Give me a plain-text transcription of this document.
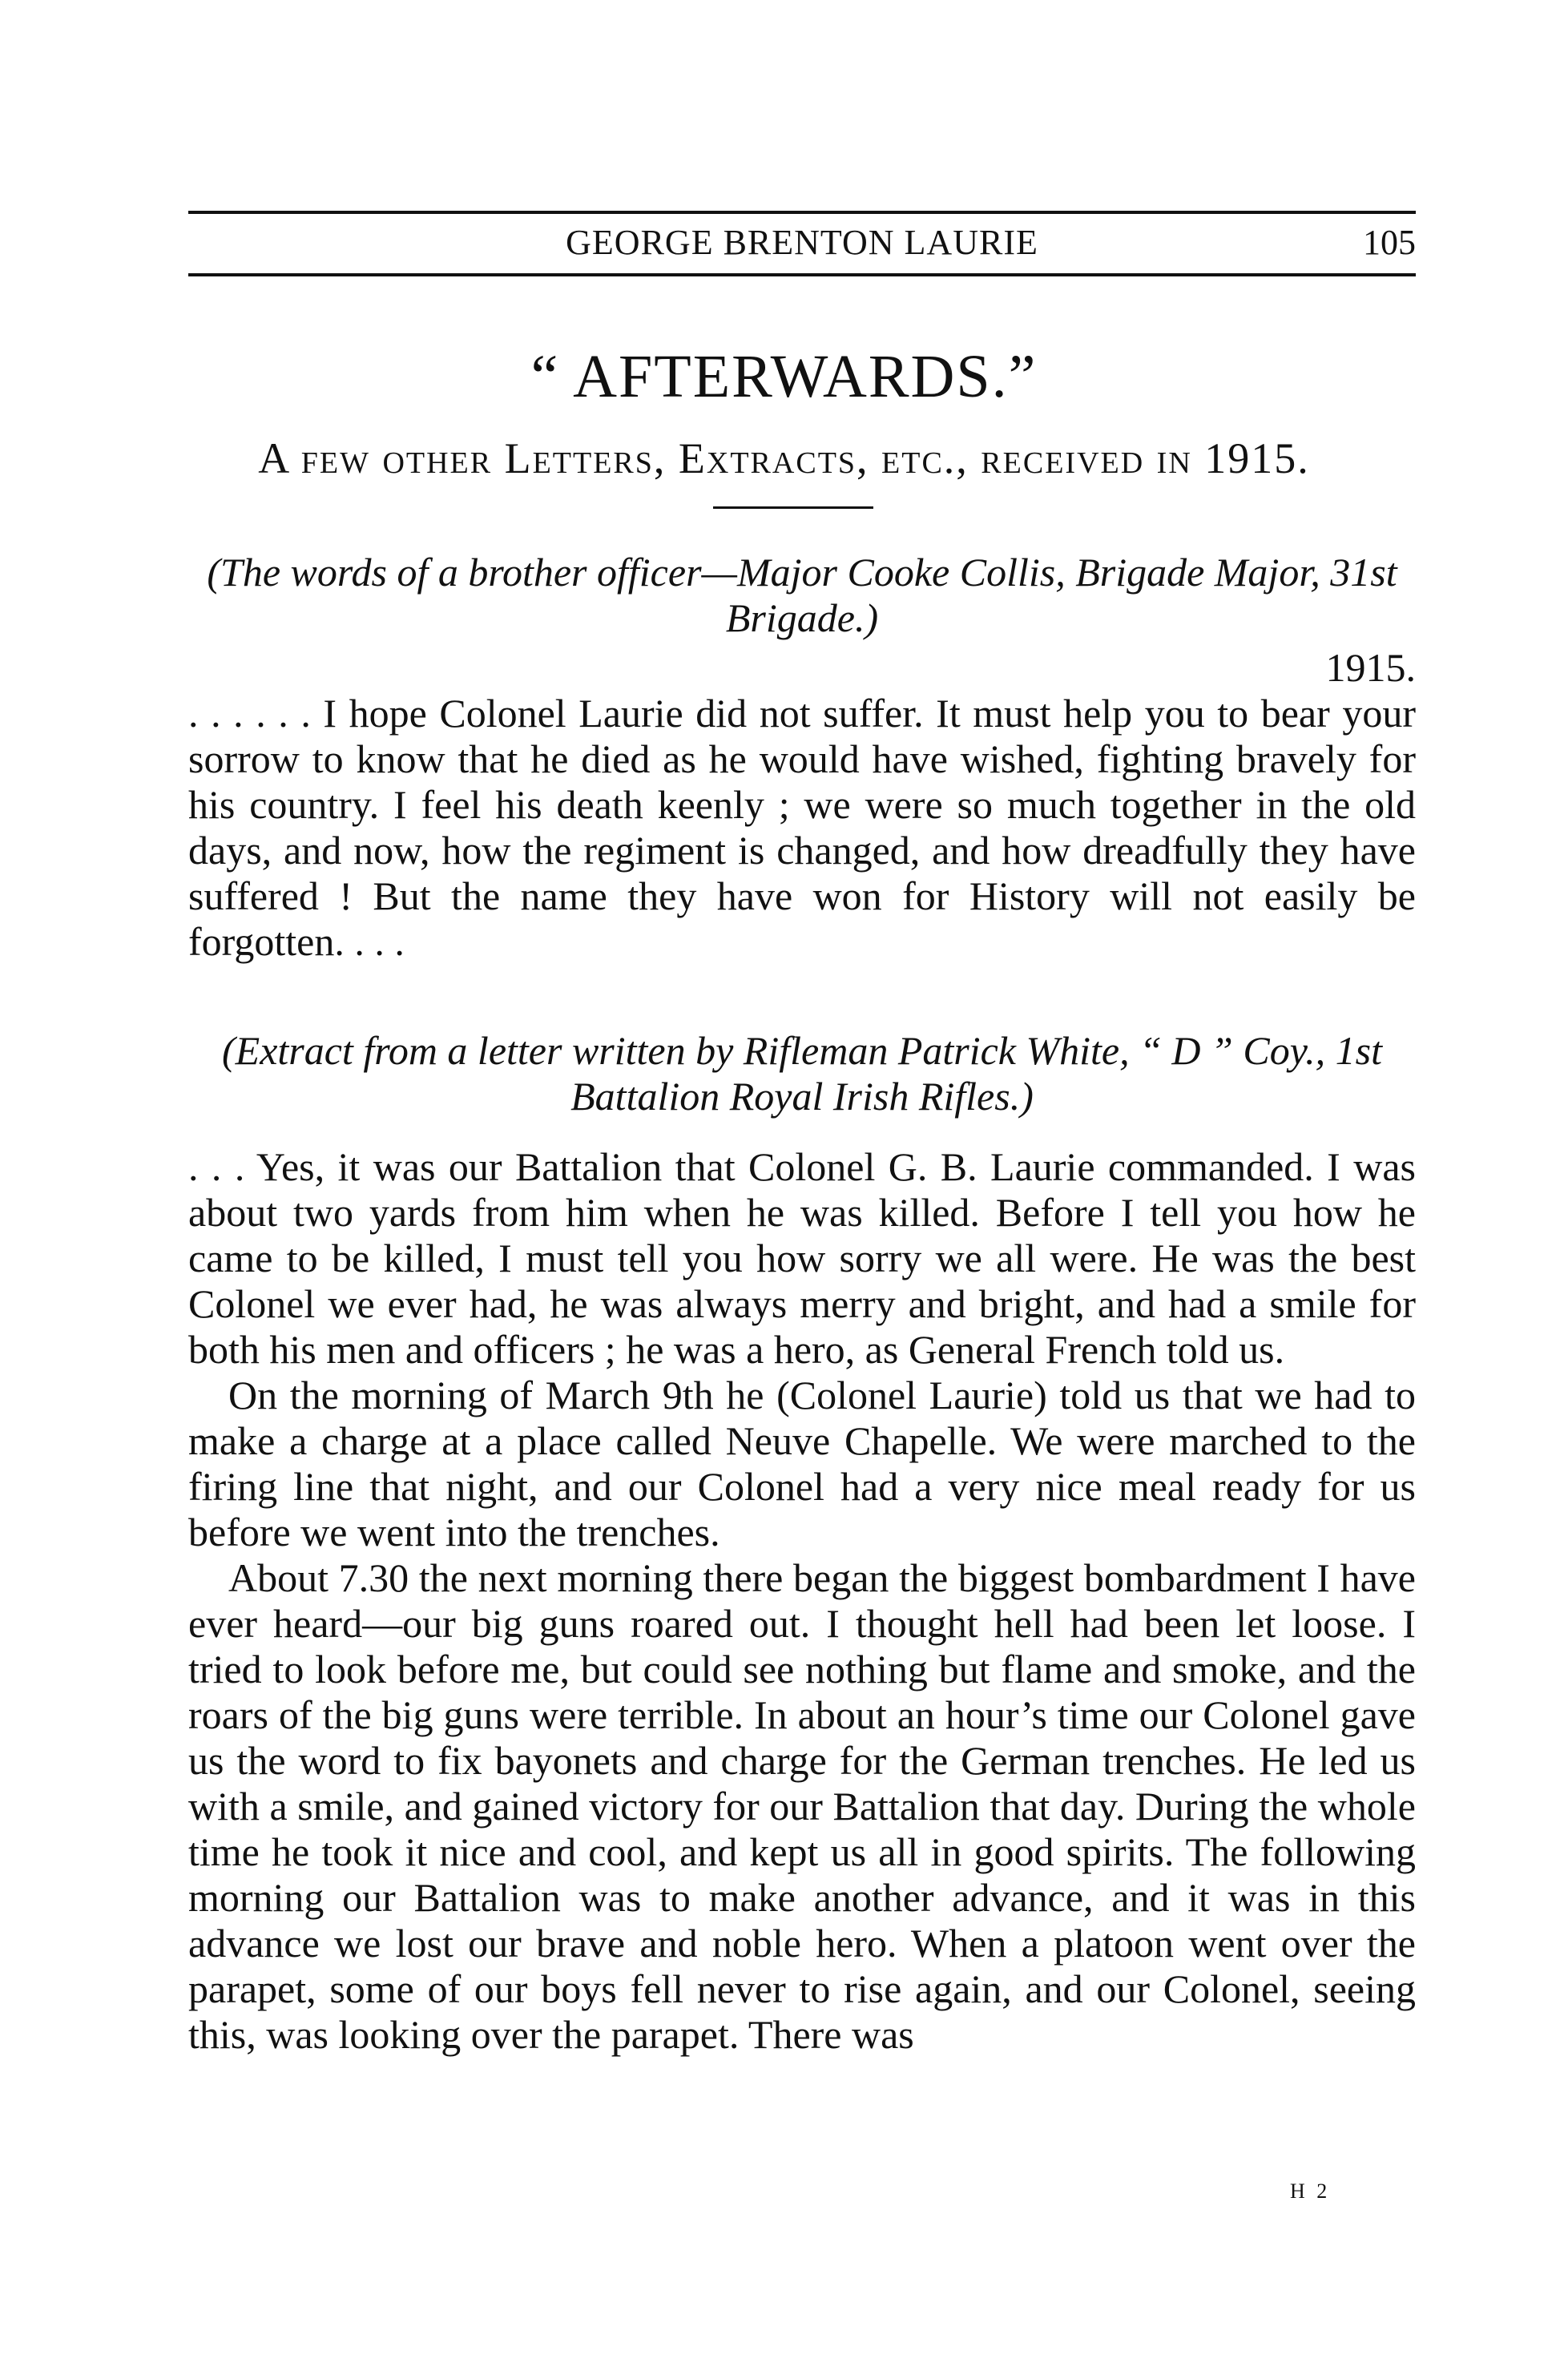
GEORGE BRENTON LAURIE	105
“ AFTERWARDS.”
A few other Letters, Extracts, etc., received in 1915.
(The words of a brother officer—Major Cooke Collis, Brigade Major, 31st Brigade.)
1915.
. . . . . . I hope Colonel Laurie did not suffer. It must help you to bear your sorrow to know that he died as he would have wished, fighting bravely for his country. I feel his death keenly ; we were so much together in the old days, and now, how the regiment is changed, and how dreadfully they have suffered ! But the name they have won for History will not easily be forgotten. . . .
(Extract from a letter written by Rifleman Patrick White, “ D ” Coy., 1st Battalion Royal Irish Rifles.)

. . . Yes, it was our Battalion that Colonel G. B. Laurie commanded. I was about two yards from him when he was killed. Before I tell you how he came to be killed, I must tell you how sorry we all were. He was the best Colonel we ever had, he was always merry and bright, and had a smile for both his men and officers ; he was a hero, as General French told us.

On the morning of March 9th he (Colonel Laurie) told us that we had to make a charge at a place called Neuve Chapelle. We were marched to the firing line that night, and our Colonel had a very nice meal ready for us before we went into the trenches.

About 7.30 the next morning there began the biggest bombardment I have ever heard—our big guns roared out. I thought hell had been let loose. I tried to look before me, but could see nothing but flame and smoke, and the roars of the big guns were terrible. In about an hour’s time our Colonel gave us the word to fix bayonets and charge for the German trenches. He led us with a smile, and gained victory for our Battalion that day. During the whole time he took it nice and cool, and kept us all in good spirits. The following morning our Battalion was to make another advance, and it was in this advance we lost our brave and noble hero. When a platoon went over the parapet, some of our boys fell never to rise again, and our Colonel, seeing this, was looking over the parapet. There was

H 2
